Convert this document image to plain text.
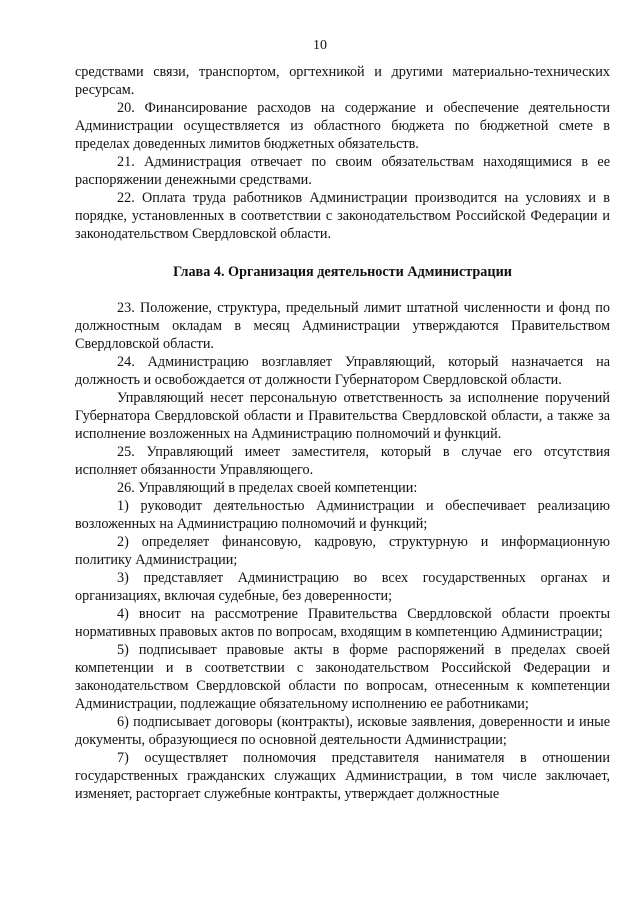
10

средствами связи, транспортом, оргтехникой и другими материально-технических ресурсам.

20. Финансирование расходов на содержание и обеспечение деятельности Администрации осуществляется из областного бюджета по бюджетной смете в пределах доведенных лимитов бюджетных обязательств.

21. Администрация отвечает по своим обязательствам находящимися в ее распоряжении денежными средствами.

22. Оплата труда работников Администрации производится на условиях и в порядке, установленных в соответствии с законодательством Российской Федерации и законодательством Свердловской области.

Глава 4. Организация деятельности Администрации

23. Положение, структура, предельный лимит штатной численности и фонд по должностным окладам в месяц Администрации утверждаются Правительством Свердловской области.

24. Администрацию возглавляет Управляющий, который назначается на должность и освобождается от должности Губернатором Свердловской области.

Управляющий несет персональную ответственность за исполнение поручений Губернатора Свердловской области и Правительства Свердловской области, а также за исполнение возложенных на Администрацию полномочий и функций.

25. Управляющий имеет заместителя, который в случае его отсутствия исполняет обязанности Управляющего.

26. Управляющий в пределах своей компетенции:

1) руководит деятельностью Администрации и обеспечивает реализацию возложенных на Администрацию полномочий и функций;

2) определяет финансовую, кадровую, структурную и информационную политику Администрации;

3) представляет Администрацию во всех государственных органах и организациях, включая судебные, без доверенности;

4) вносит на рассмотрение Правительства Свердловской области проекты нормативных правовых актов по вопросам, входящим в компетенцию Администрации;

5) подписывает правовые акты в форме распоряжений в пределах своей компетенции и в соответствии с законодательством Российской Федерации и законодательством Свердловской области по вопросам, отнесенным к компетенции Администрации, подлежащие обязательному исполнению ее работниками;

6) подписывает договоры (контракты), исковые заявления, доверенности и иные документы, образующиеся по основной деятельности Администрации;

7) осуществляет полномочия представителя нанимателя в отношении государственных гражданских служащих Администрации, в том числе заключает, изменяет, расторгает служебные контракты, утверждает должностные
